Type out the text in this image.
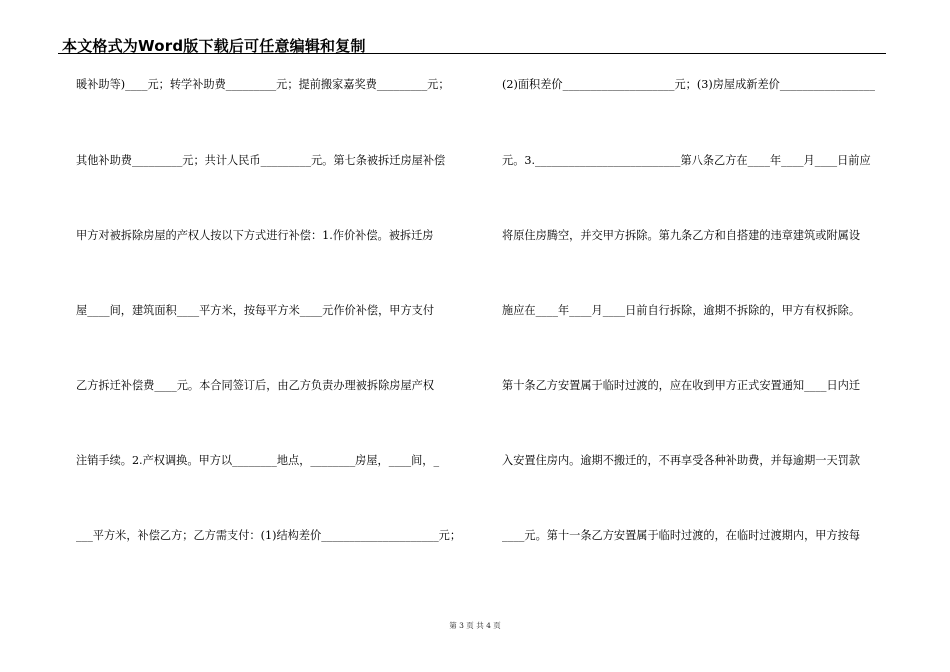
本文格式为Word版下载后可任意编辑和复制
暖补助等)____元；转学补助费_________元；提前搬家嘉奖费_________元；
其他补助费_________元；共计人民币_________元。第七条被拆迁房屋补偿
甲方对被拆除房屋的产权人按以下方式进行补偿：1.作价补偿。被拆迁房
屋____间，建筑面积____平方米，按每平方米____元作价补偿，甲方支付
乙方拆迁补偿费____元。本合同签订后，由乙方负责办理被拆除房屋产权
注销手续。2.产权调换。甲方以________地点，________房屋，____间，_
___平方米，补偿乙方；乙方需支付：(1)结构差价_____________________元；
(2)面积差价____________________元；(3)房屋成新差价_________________
元。3.__________________________第八条乙方在____年____月____日前应
将原住房腾空，并交甲方拆除。第九条乙方和自搭建的违章建筑或附属设
施应在____年____月____日前自行拆除，逾期不拆除的，甲方有权拆除。
第十条乙方安置属于临时过渡的，应在收到甲方正式安置通知____日内迁
入安置住房内。逾期不搬迁的，不再享受各种补助费，并每逾期一天罚款
____元。第十一条乙方安置属于临时过渡的，在临时过渡期内，甲方按每
第 3 页 共 4 页
